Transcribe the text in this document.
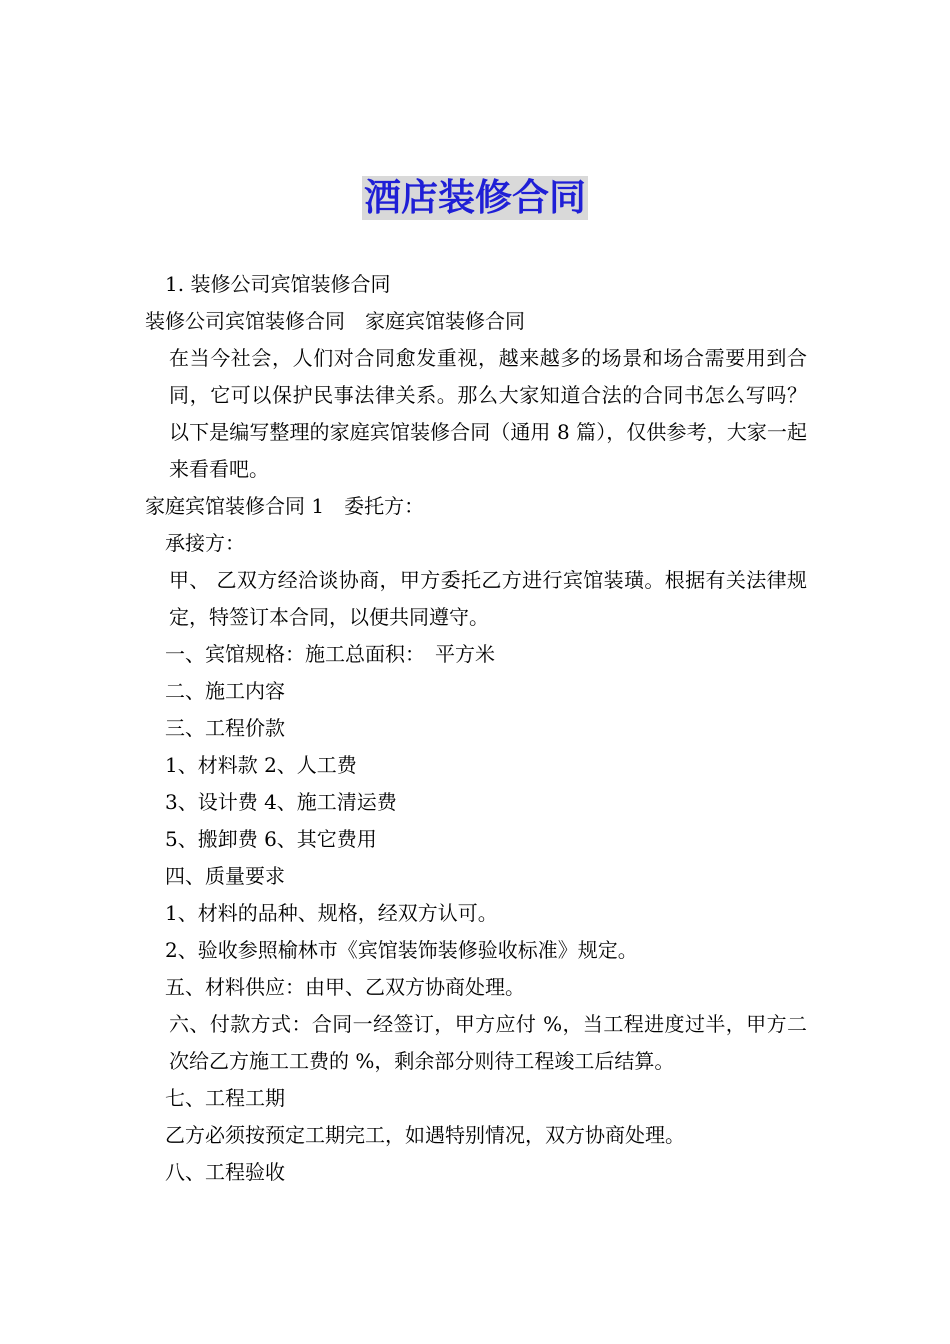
酒店装修合同

1. 装修公司宾馆装修合同

装修公司宾馆装修合同　家庭宾馆装修合同

在当今社会，人们对合同愈发重视，越来越多的场景和场合需要用到合同，它可以保护民事法律关系。那么大家知道合法的合同书怎么写吗？以下是编写整理的家庭宾馆装修合同（通用 8 篇），仅供参考，大家一起来看看吧。

家庭宾馆装修合同 1　委托方：

承接方：

甲、 乙双方经洽谈协商，甲方委托乙方进行宾馆装璜。根据有关法律规定，特签订本合同，以便共同遵守。

一、宾馆规格：施工总面积：　平方米

二、施工内容

三、工程价款

1、材料款 2、人工费

3、设计费 4、施工清运费

5、搬卸费 6、其它费用

四、质量要求

1、材料的品种、规格，经双方认可。

2、验收参照榆林市《宾馆装饰装修验收标准》规定。

五、材料供应：由甲、乙双方协商处理。

六、付款方式：合同一经签订，甲方应付 %，当工程进度过半，甲方二次给乙方施工工费的 %，剩余部分则待工程竣工后结算。

七、工程工期

乙方必须按预定工期完工，如遇特别情况，双方协商处理。

八、工程验收
